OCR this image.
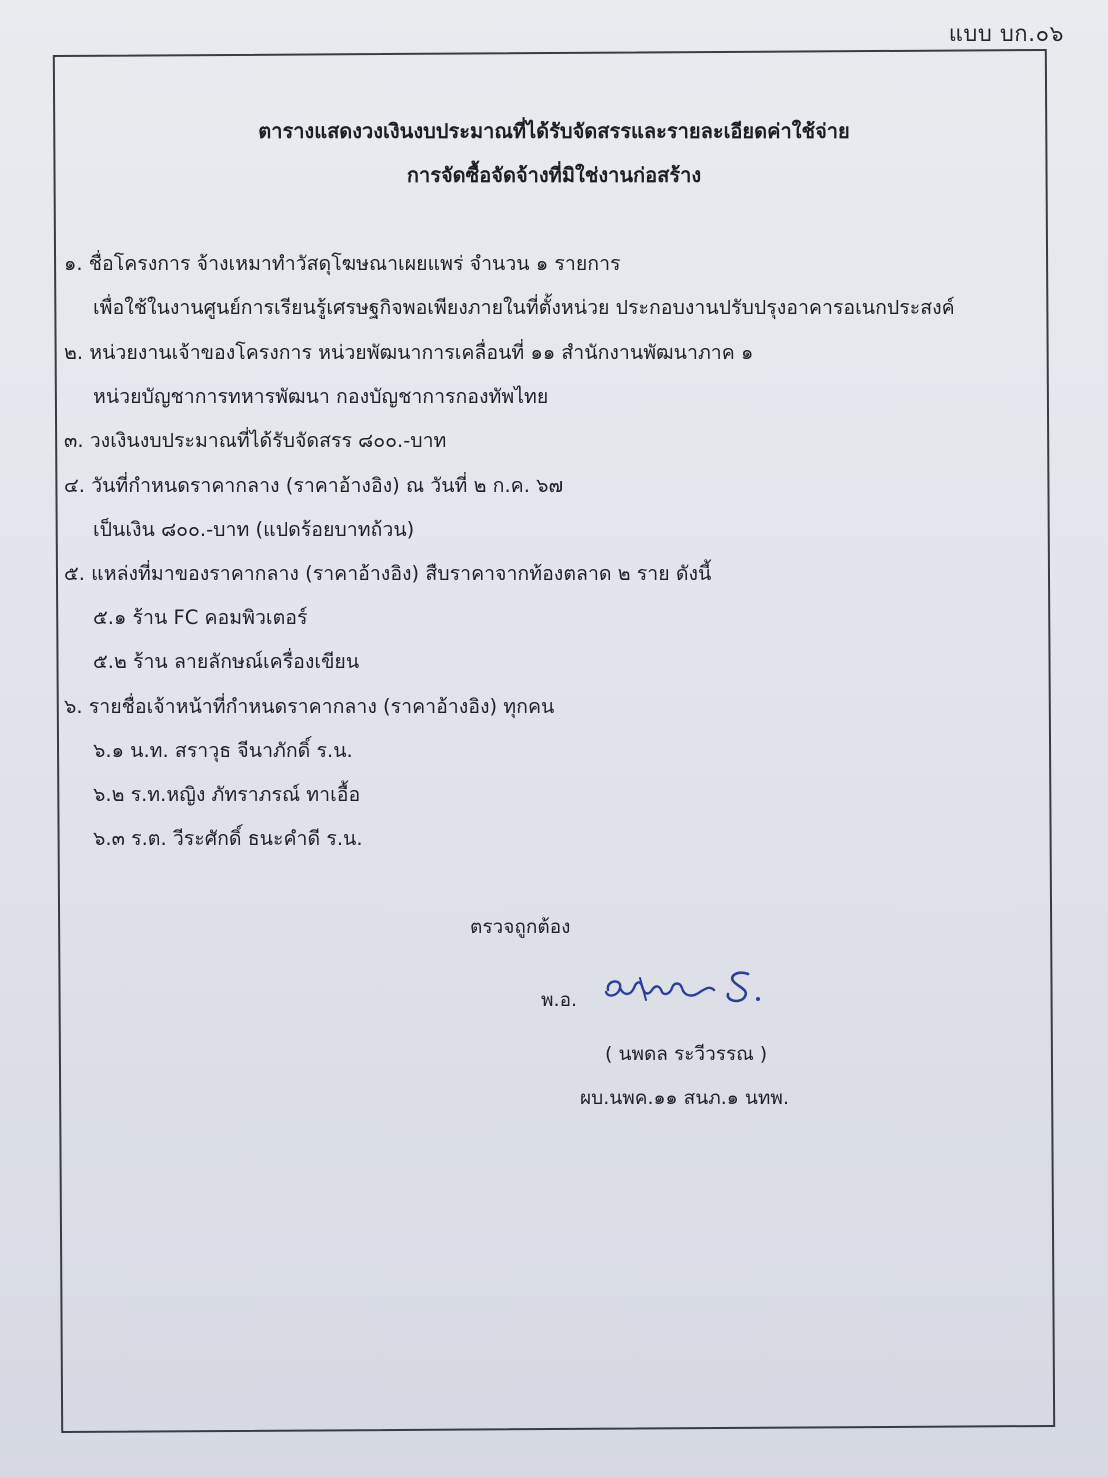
แบบ บก.๐๖
ตารางแสดงวงเงินงบประมาณที่ได้รับจัดสรรและรายละเอียดค่าใช้จ่าย
การจัดซื้อจัดจ้างที่มิใช่งานก่อสร้าง
๑. ชื่อโครงการ จ้างเหมาทำวัสดุโฆษณาเผยแพร่ จำนวน ๑ รายการ
เพื่อใช้ในงานศูนย์การเรียนรู้เศรษฐกิจพอเพียงภายในที่ตั้งหน่วย ประกอบงานปรับปรุงอาคารอเนกประสงค์
๒. หน่วยงานเจ้าของโครงการ หน่วยพัฒนาการเคลื่อนที่ ๑๑ สำนักงานพัฒนาภาค ๑
หน่วยบัญชาการทหารพัฒนา กองบัญชาการกองทัพไทย
๓. วงเงินงบประมาณที่ได้รับจัดสรร ๘๐๐.-บาท
๔. วันที่กำหนดราคากลาง (ราคาอ้างอิง) ณ วันที่ ๒ ก.ค. ๖๗
เป็นเงิน ๘๐๐.-บาท (แปดร้อยบาทถ้วน)
๕. แหล่งที่มาของราคากลาง (ราคาอ้างอิง) สืบราคาจากท้องตลาด ๒ ราย ดังนี้
๕.๑ ร้าน FC คอมพิวเตอร์
๕.๒ ร้าน ลายลักษณ์เครื่องเขียน
๖. รายชื่อเจ้าหน้าที่กำหนดราคากลาง (ราคาอ้างอิง) ทุกคน
๖.๑ น.ท. สราวุธ จีนาภักดิ์ ร.น.
๖.๒ ร.ท.หญิง ภัทราภรณ์ ทาเอื้อ
๖.๓ ร.ต. วีระศักดิ์ ธนะคำดี ร.น.
ตรวจถูกต้อง
พ.อ.
( นพดล ระวีวรรณ )
ผบ.นพค.๑๑ สนภ.๑ นทพ.
